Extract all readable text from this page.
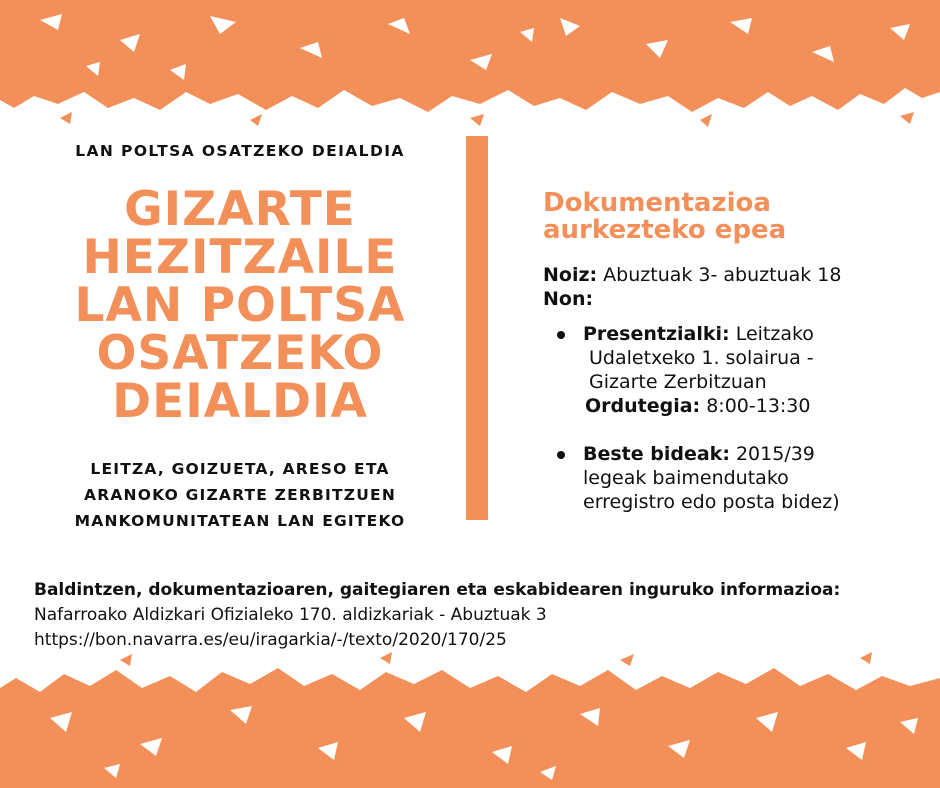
LAN POLTSA OSATZEKO DEIALDIA
GIZARTE
HEZITZAILE
LAN POLTSA
OSATZEKO
DEIALDIA
LEITZA, GOIZUETA, ARESO ETA
ARANOKO GIZARTE ZERBITZUEN
MANKOMUNITATEAN LAN EGITEKO
Dokumentazioa
aurkezteko epea
Noiz: Abuztuak 3- abuztuak 18
Non:
Presentzialki: Leitzako
Udaletxeko 1. solairua -
Gizarte Zerbitzuan
Ordutegia: 8:00-13:30
Beste bideak: 2015/39
legeak baimendutako
erregistro edo posta bidez)
Baldintzen, dokumentazioaren, gaitegiaren eta eskabidearen inguruko informazioa:
Nafarroako Aldizkari Ofizialeko 170. aldizkariak - Abuztuak 3
https://bon.navarra.es/eu/iragarkia/-/texto/2020/170/25
